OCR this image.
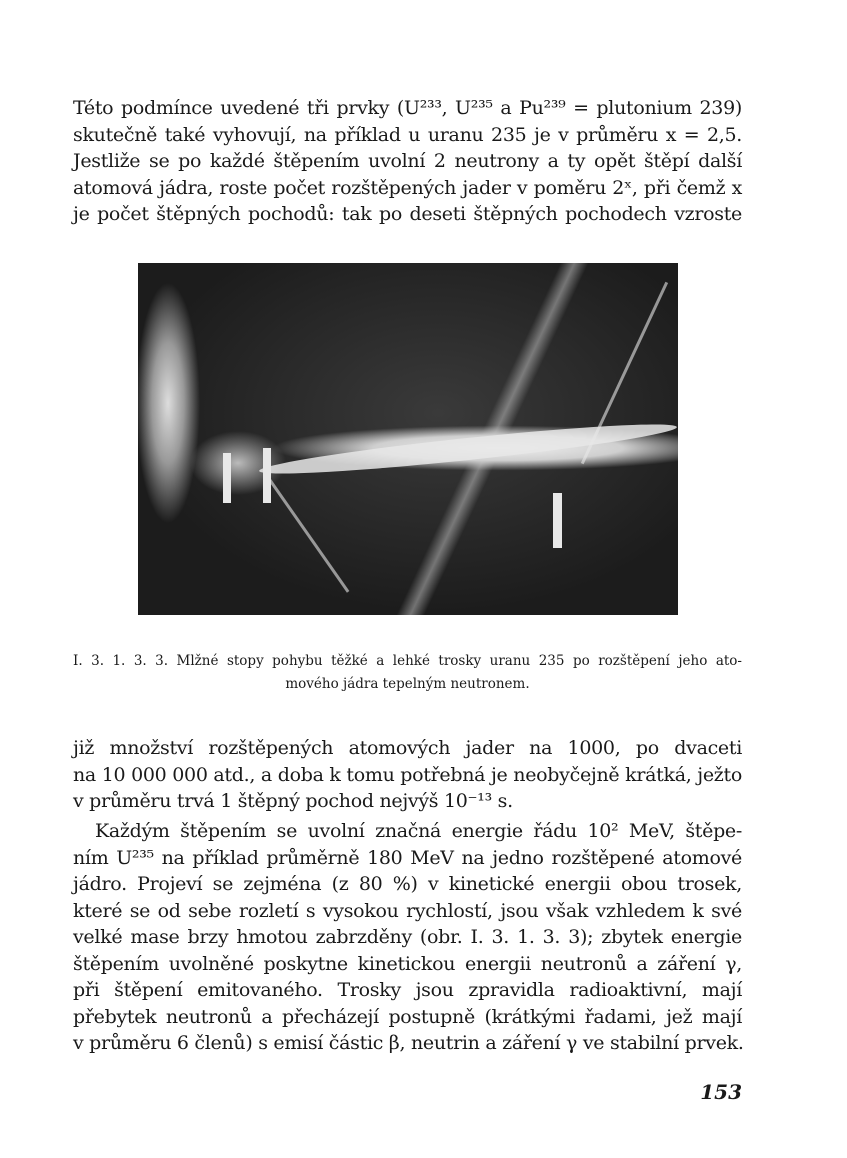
Této podmínce uvedené tři prvky (U²³³, U²³⁵ a Pu²³⁹ = plutonium 239)
skutečně také vyhovují, na příklad u uranu 235 je v průměru x = 2,5.
Jestliže se po každé štěpením uvolní 2 neutrony a ty opět štěpí další
atomová jádra, roste počet rozštěpených jader v poměru 2ˣ, při čemž x
je počet štěpných pochodů: tak po deseti štěpných pochodech vzroste
I. 3. 1. 3. 3. Mlžné stopy pohybu těžké a lehké trosky uranu 235 po rozštěpení jeho ato-
mového jádra tepelným neutronem.
již množství rozštěpených atomových jader na 1000, po dvaceti
na 10 000 000 atd., a doba k tomu potřebná je neobyčejně krátká, ježto
v průměru trvá 1 štěpný pochod nejvýš 10⁻¹³ s.
Každým štěpením se uvolní značná energie řádu 10² MeV, štěpe-
ním U²³⁵ na příklad průměrně 180 MeV na jedno rozštěpené atomové
jádro. Projeví se zejména (z 80 %) v kinetické energii obou trosek,
které se od sebe rozletí s vysokou rychlostí, jsou však vzhledem k své
velké mase brzy hmotou zabrzděny (obr. I. 3. 1. 3. 3); zbytek energie
štěpením uvolněné poskytne kinetickou energii neutronů a záření γ,
při štěpení emitovaného. Trosky jsou zpravidla radioaktivní, mají
přebytek neutronů a přecházejí postupně (krátkými řadami, jež mají
v průměru 6 členů) s emisí částic β, neutrin a záření γ ve stabilní prvek.
153
